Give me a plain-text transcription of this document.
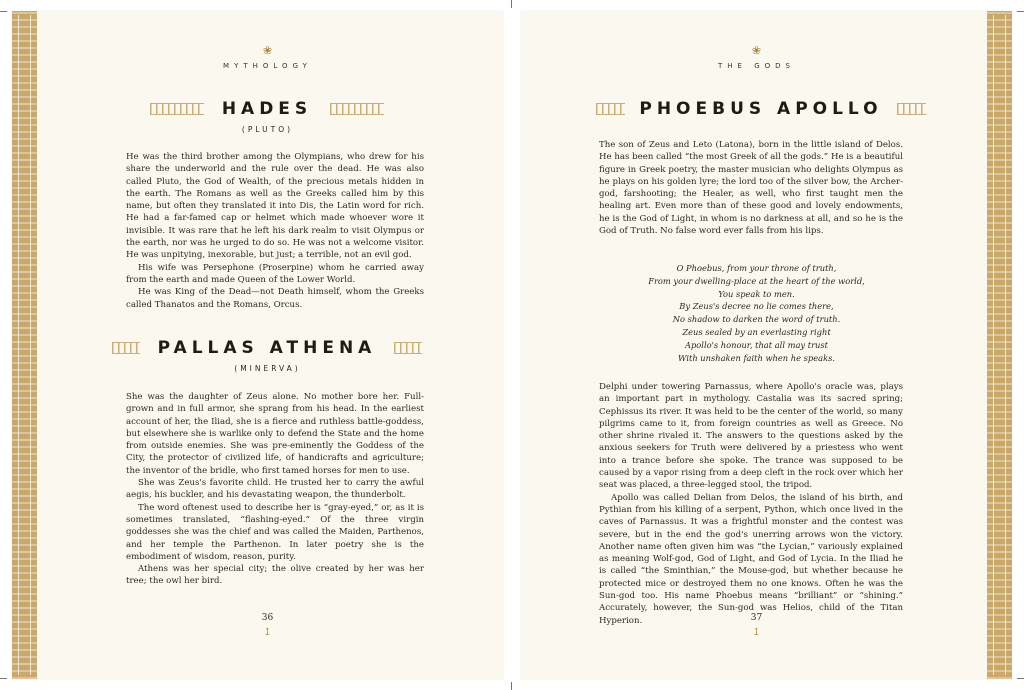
❀
MYTHOLOGY
HADES
(PLUTO)

He was the third brother among the Olympians, who drew for his share the underworld and the rule over the dead. He was also called Pluto, the God of Wealth, of the precious metals hidden in the earth. The Romans as well as the Greeks called him by this name, but often they translated it into Dis, the Latin word for rich. He had a far-famed cap or helmet which made whoever wore it invisible. It was rare that he left his dark realm to visit Olympus or the earth, nor was he urged to do so. He was not a welcome visitor. He was unpitying, inexorable, but just; a terrible, not an evil god.

His wife was Persephone (Proserpine) whom he carried away from the earth and made Queen of the Lower World.

He was King of the Dead—not Death himself, whom the Greeks called Thanatos and the Romans, Orcus.

PALLAS ATHENA
(MINERVA)

She was the daughter of Zeus alone. No mother bore her. Full-grown and in full armor, she sprang from his head. In the earliest account of her, the Iliad, she is a fierce and ruthless battle-goddess, but elsewhere she is warlike only to defend the State and the home from outside enemies. She was pre-eminently the Goddess of the City, the protector of civilized life, of handicrafts and agriculture; the inventor of the bridle, who first tamed horses for men to use.

She was Zeus's favorite child. He trusted her to carry the awful aegis, his buckler, and his devastating weapon, the thunderbolt.

The word oftenest used to describe her is “gray-eyed,” or, as it is sometimes translated, “flashing-eyed.” Of the three virgin goddesses she was the chief and was called the Maiden, Parthenos, and her temple the Parthenon. In later poetry she is the embodiment of wisdom, reason, purity.

Athens was her special city; the olive created by her was her tree; the owl her bird.

36
↥
❀
THE GODS
PHOEBUS APOLLO

The son of Zeus and Leto (Latona), born in the little island of Delos. He has been called “the most Greek of all the gods.” He is a beautiful figure in Greek poetry, the master musician who delights Olympus as he plays on his golden lyre; the lord too of the silver bow, the Archer-god, farshooting; the Healer, as well, who first taught men the healing art. Even more than of these good and lovely endowments, he is the God of Light, in whom is no darkness at all, and so he is the God of Truth. No false word ever falls from his lips.

O Phoebus, from your throne of truth,
From your dwelling-place at the heart of the world,
You speak to men.
By Zeus's decree no lie comes there,
No shadow to darken the word of truth.
Zeus sealed by an everlasting right
Apollo's honour, that all may trust
With unshaken faith when he speaks.

Delphi under towering Parnassus, where Apollo's oracle was, plays an important part in mythology. Castalia was its sacred spring; Cephissus its river. It was held to be the center of the world, so many pilgrims came to it, from foreign countries as well as Greece. No other shrine rivaled it. The answers to the questions asked by the anxious seekers for Truth were delivered by a priestess who went into a trance before she spoke. The trance was supposed to be caused by a vapor rising from a deep cleft in the rock over which her seat was placed, a three-legged stool, the tripod.

Apollo was called Delian from Delos, the island of his birth, and Pythian from his killing of a serpent, Python, which once lived in the caves of Parnassus. It was a frightful monster and the contest was severe, but in the end the god's unerring arrows won the victory. Another name often given him was “the Lycian,” variously explained as meaning Wolf-god, God of Light, and God of Lycia. In the Iliad he is called “the Sminthian,” the Mouse-god, but whether because he protected mice or destroyed them no one knows. Often he was the Sun-god too. His name Phoebus means “brilliant” or “shining.” Accurately, however, the Sun-god was Helios, child of the Titan Hyperion.	37
↥
